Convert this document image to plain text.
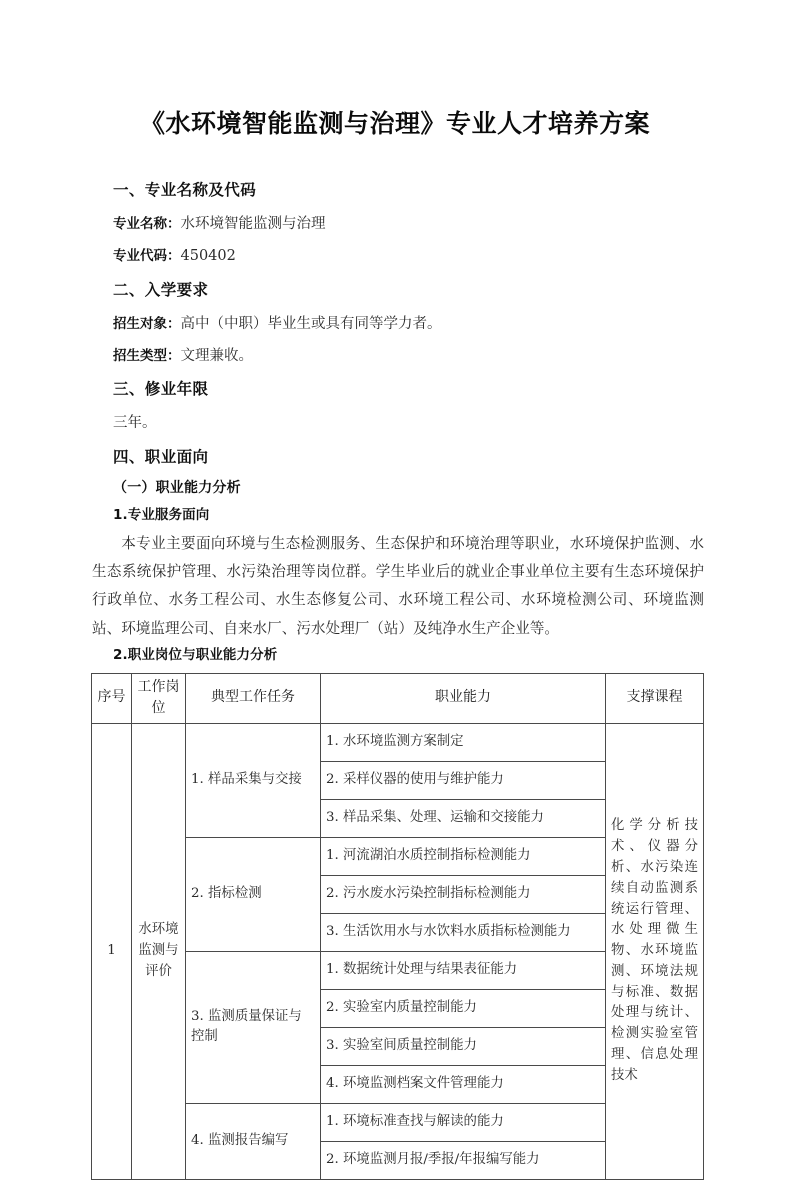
《水环境智能监测与治理》专业人才培养方案
一、专业名称及代码
专业名称：水环境智能监测与治理
专业代码：450402
二、入学要求
招生对象：高中（中职）毕业生或具有同等学力者。
招生类型：文理兼收。
三、修业年限
三年。
四、职业面向
（一）职业能力分析
1.专业服务面向

本专业主要面向环境与生态检测服务、生态保护和环境治理等职业，水环境保护监测、水生态系统保护管理、水污染治理等岗位群。学生毕业后的就业企事业单位主要有生态环境保护行政单位、水务工程公司、水生态修复公司、水环境工程公司、水环境检测公司、环境监测站、环境监理公司、自来水厂、污水处理厂（站）及纯净水生产企业等。

2.职业岗位与职业能力分析
序号	工作岗位	典型工作任务	职业能力	支撑课程
1	水环境监测与评价	1. 样品采集与交接	1. 水环境监测方案制定	化学分析技术、仪器分析、水污染连续自动监测系统运行管理、水处理微生物、水环境监测、环境法规与标准、数据处理与统计、检测实验室管理、信息处理技术
			2. 采样仪器的使用与维护能力	
			3. 样品采集、处理、运输和交接能力	
		2. 指标检测	1. 河流湖泊水质控制指标检测能力	
			2. 污水废水污染控制指标检测能力	
			3. 生活饮用水与水饮料水质指标检测能力	
		3. 监测质量保证与控制	1. 数据统计处理与结果表征能力	
			2. 实验室内质量控制能力	
			3. 实验室间质量控制能力	
			4. 环境监测档案文件管理能力	
		4. 监测报告编写	1. 环境标准查找与解读的能力	
			2. 环境监测月报/季报/年报编写能力	
